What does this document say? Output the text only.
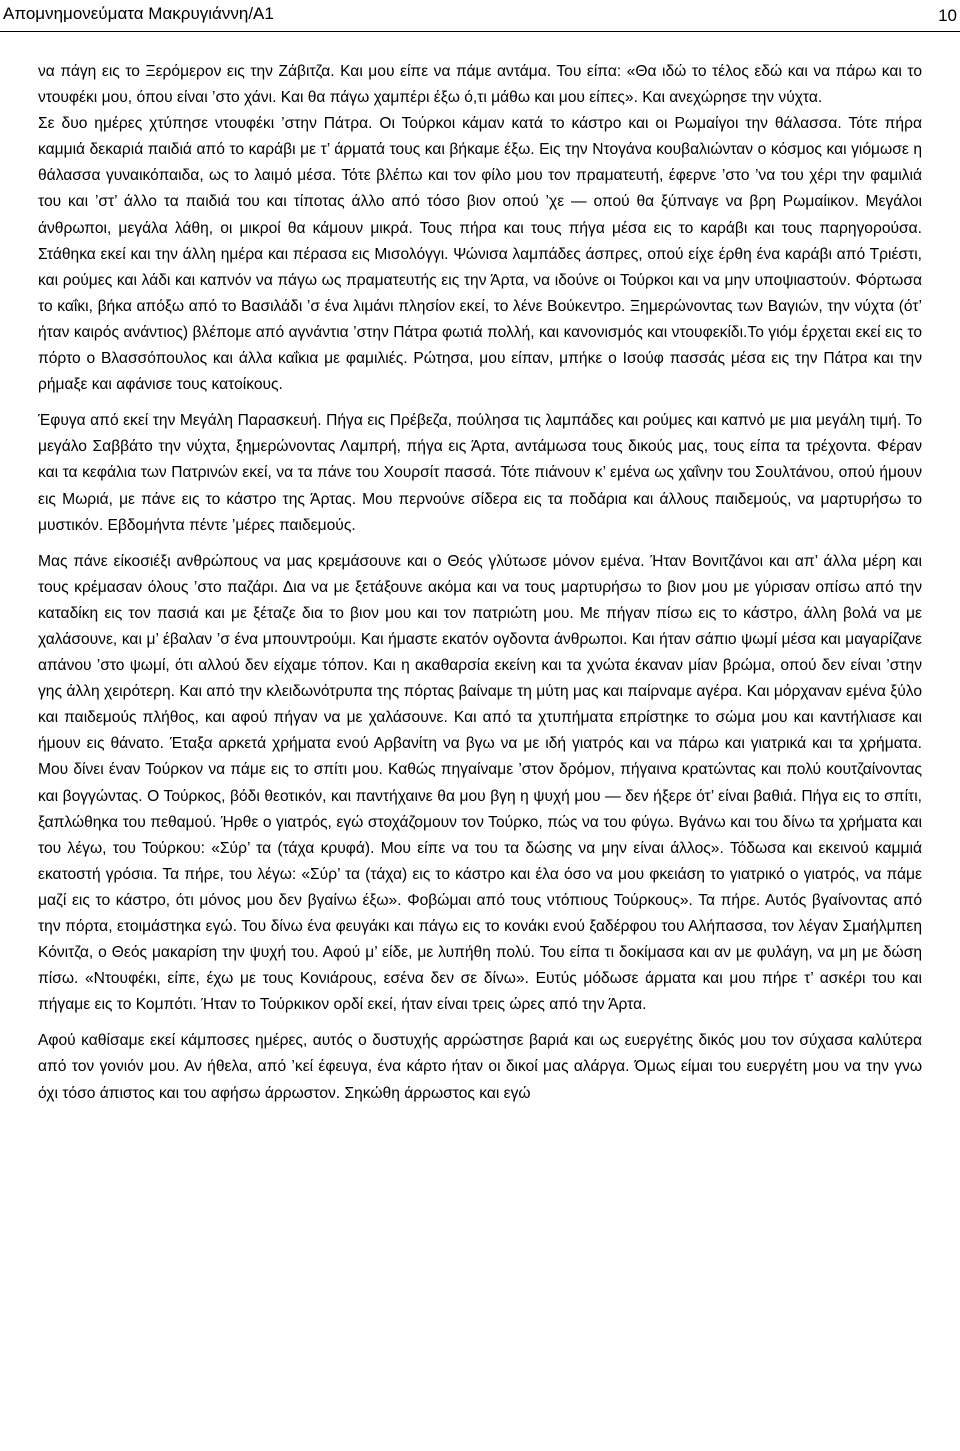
Απομνημονεύματα Μακρυγιάννη/A1	10

να πάγη εις το Ξερόμερον εις την Ζάβιτζα. Και μου είπε να πάμε αντάμα. Του είπα: «Θα ιδώ το τέλος εδώ και να πάρω και το ντουφέκι μου, όπου είναι ’στο χάνι. Και θα πάγω χαμπέρι έξω ό,τι μάθω και μου είπες». Και ανεχώρησε την νύχτα.

Σε δυο ημέρες χτύπησε ντουφέκι ’στην Πάτρα. Οι Τούρκοι κάμαν κατά το κάστρο και οι Ρωμαίγοι την θάλασσα. Τότε πήρα καμμιά δεκαριά παιδιά από το καράβι με τ’ άρματά τους και βήκαμε έξω. Εις την Ντογάνα κουβαλιώνταν ο κόσμος και γιόμωσε η θάλασσα γυναικόπαιδα, ως το λαιμό μέσα. Τότε βλέπω και τον φίλο μου τον πραματευτή, έφερνε ’στο ’να του χέρι την φαμιλιά του και ’στ’ άλλο τα παιδιά του και τίποτας άλλο από τόσο βιον οπού ’χε — οπού θα ξύπναγε να βρη Ρωμαίικον. Μεγάλοι άνθρωποι, μεγάλα λάθη, οι μικροί θα κάμουν μικρά. Τους πήρα και τους πήγα μέσα εις το καράβι και τους παρηγορούσα. Στάθηκα εκεί και την άλλη ημέρα και πέρασα εις Μισολόγγι. Ψώνισα λαμπάδες άσπρες, οπού είχε έρθη ένα καράβι από Τριέστι, και ρούμες και λάδι και καπνόν να πάγω ως πραματευτής εις την Άρτα, να ιδούνε οι Τούρκοι και να μην υποψιαστούν. Φόρτωσα το καΐκι, βήκα απόξω από το Βασιλάδι ’σ ένα λιμάνι πλησίον εκεί, το λένε Βούκεντρο. Ξημερώνοντας των Βαγιών, την νύχτα (ότ’ ήταν καιρός ανάντιος) βλέπομε από αγνάντια ’στην Πάτρα φωτιά πολλή, και κανονισμός και ντουφεκίδι.Το γιόμ έρχεται εκεί εις το πόρτο ο Βλασσόπουλος και άλλα καΐκια με φαμιλιές. Ρώτησα, μου είπαν, μπήκε ο Ισούφ πασσάς μέσα εις την Πάτρα και την ρήμαξε και αφάνισε τους κατοίκους.

Έφυγα από εκεί την Μεγάλη Παρασκευή. Πήγα εις Πρέβεζα, πούλησα τις λαμπάδες και ρούμες και καπνό με μια μεγάλη τιμή. Το μεγάλο Σαββάτο την νύχτα, ξημερώνοντας Λαμπρή, πήγα εις Άρτα, αντάμωσα τους δικούς μας, τους είπα τα τρέχοντα. Φέραν και τα κεφάλια των Πατρινών εκεί, να τα πάνε του Χουρσίτ πασσά. Τότε πιάνουν κ’ εμένα ως χαΐνην του Σουλτάνου, οπού ήμουν εις Μωριά, με πάνε εις το κάστρο της Άρτας. Μου περνούνε σίδερα εις τα ποδάρια και άλλους παιδεμούς, να μαρτυρήσω το μυστικόν. Εβδομήντα πέντε ’μέρες παιδεμούς.

Μας πάνε είκοσιέξι ανθρώπους να μας κρεμάσουνε και ο Θεός γλύτωσε μόνον εμένα. Ήταν Βονιτζάνοι και απ’ άλλα μέρη και τους κρέμασαν όλους ’στο παζάρι. Δια να με ξετάξουνε ακόμα και να τους μαρτυρήσω το βιον μου με γύρισαν οπίσω από την καταδίκη εις τον πασιά και με ξέταζε δια το βιον μου και τον πατριώτη μου. Με πήγαν πίσω εις το κάστρο, άλλη βολά να με χαλάσουνε, και μ’ έβαλαν ’σ ένα μπουντρούμι. Και ήμαστε εκατόν ογδοντα άνθρωποι. Και ήταν σάπιο ψωμί μέσα και μαγαρίζανε απάνου ’στο ψωμί, ότι αλλού δεν είχαμε τόπον. Και η ακαθαρσία εκείνη και τα χνώτα έκαναν μίαν βρώμα, οπού δεν είναι ’στην γης άλλη χειρότερη. Και από την κλειδωνότρυπα της πόρτας βαίναμε τη μύτη μας και παίρναμε αγέρα. Και μόρχαναν εμένα ξύλο και παιδεμούς πλήθος, και αφού πήγαν να με χαλάσουνε. Και από τα χτυπήματα επρίστηκε το σώμα μου και καντήλιασε και ήμουν εις θάνατο. Έταξα αρκετά χρήματα ενού Αρβανίτη να βγω να με ιδή γιατρός και να πάρω και γιατρικά και τα χρήματα. Μου δίνει έναν Τούρκον να πάμε εις το σπίτι μου. Καθώς πηγαίναμε ’στον δρόμον, πήγαινα κρατώντας και πολύ κουτζαίνοντας και βογγώντας. Ο Τούρκος, βόδι θεοτικόν, και παντήχαινε θα μου βγη η ψυχή μου — δεν ήξερε ότ’ είναι βαθιά. Πήγα εις το σπίτι, ξαπλώθηκα του πεθαμού. Ήρθε ο γιατρός, εγώ στοχάζομουν τον Τούρκο, πώς να του φύγω. Βγάνω και του δίνω τα χρήματα και του λέγω, του Τούρκου: «Σύρ’ τα (τάχα κρυφά). Μου είπε να του τα δώσης να μην είναι άλλος». Τόδωσα και εκεινού καμμιά εκατοστή γρόσια. Τα πήρε, του λέγω: «Σύρ’ τα (τάχα) εις το κάστρο και έλα όσο να μου φκειάση το γιατρικό ο γιατρός, να πάμε μαζί εις το κάστρο, ότι μόνος μου δεν βγαίνω έξω». Φοβώμαι από τους ντόπιους Τούρκους». Τα πήρε. Αυτός βγαίνοντας από την πόρτα, ετοιμάστηκα εγώ. Του δίνω ένα φευγάκι και πάγω εις το κονάκι ενού ξαδέρφου του Αλήπασσα, τον λέγαν Σμαήλμπεη Κόνιτζα, ο Θεός μακαρίση την ψυχή του. Αφού μ’ είδε, με λυπήθη πολύ. Του είπα τι δοκίμασα και αν με φυλάγη, να μη με δώση πίσω. «Ντουφέκι, είπε, έχω με τους Κονιάρους, εσένα δεν σε δίνω». Ευτύς μόδωσε άρματα και μου πήρε τ’ ασκέρι του και πήγαμε εις το Κομπότι. Ήταν το Τούρκικον ορδί εκεί, ήταν είναι τρεις ώρες από την Άρτα.

Αφού καθίσαμε εκεί κάμποσες ημέρες, αυτός ο δυστυχής αρρώστησε βαριά και ως ευεργέτης δικός μου τον σύχασα καλύτερα από τον γονιόν μου. Αν ήθελα, από ’κεί έφευγα, ένα κάρτο ήταν οι δικοί μας αλάργα. Όμως είμαι του ευεργέτη μου να την γνω όχι τόσο άπιστος και του αφήσω άρρωστον. Σηκώθη άρρωστος και εγώ
